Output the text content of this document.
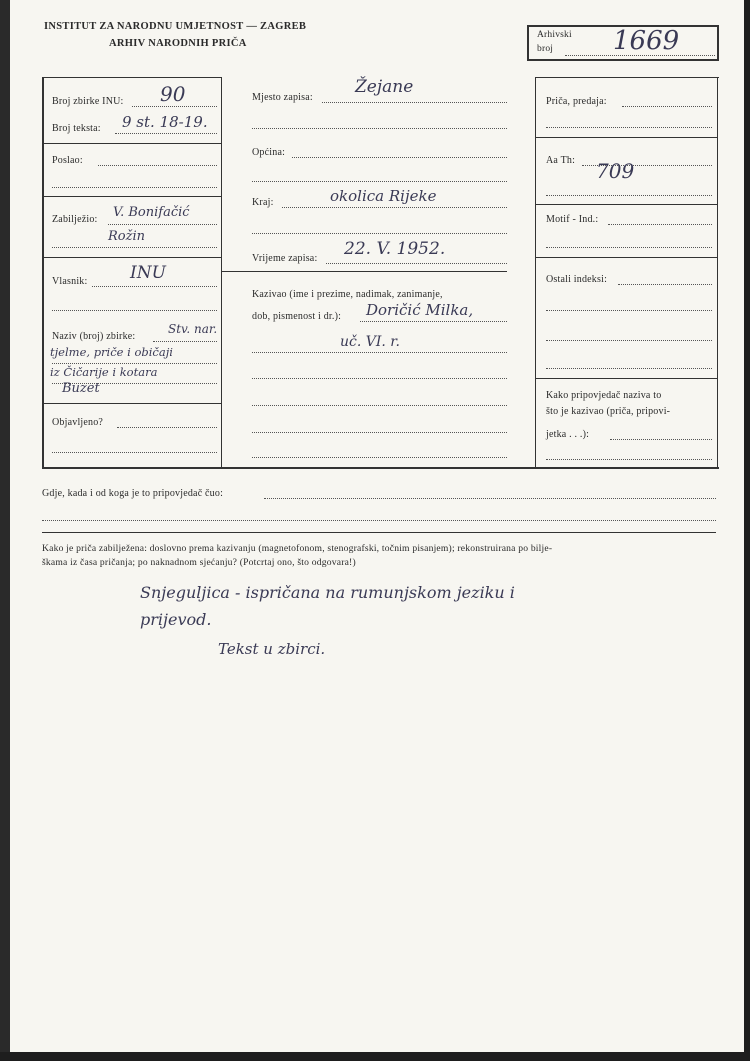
INSTITUT ZA NARODNU UMJETNOST — ZAGREB
ARHIV NARODNIH PRIČA
Arhivski
broj 1669
Broj zbirke INU: 90
Broj teksta: 9 st. 18-19.
Poslao:
Zabilježio: V. Bonifačić
Rožin
Vlasnik:	INU
Naziv (broj) zbirke:
Stv. nar.
tjelme, priče i običaji
iz Čičarije i kotara
Buzet
Objavljeno?
Mjesto zapisa:
Žejane
Općina:
Kraj:	okolica Rijeke
Vrijeme zapisa: 22. V. 1952.
Kazivao (ime i prezime, nadimak, zanimanje,
dob, pismenost i dr.): Doričić Milka,
uč. VI. r.
Priča, predaja:
Aa Th: 709
Motif - Ind.:
Ostali indeksi:
Kako pripovjedač naziva to
što je kazivao (priča, pripovi-
jetka . . .):
Gdje, kada i od koga je to pripovjedač čuo:
Kako je priča zabilježena: doslovno prema kazivanju (magnetofonom, stenografski, točnim pisanjem); rekonstruirana po bilje-
škama iz časa pričanja; po naknadnom sjećanju? (Potcrtaj ono, što odgovara!)
Snjeguljica - ispričana na rumunjskom jeziku i
prijevod.
Tekst u zbirci.
